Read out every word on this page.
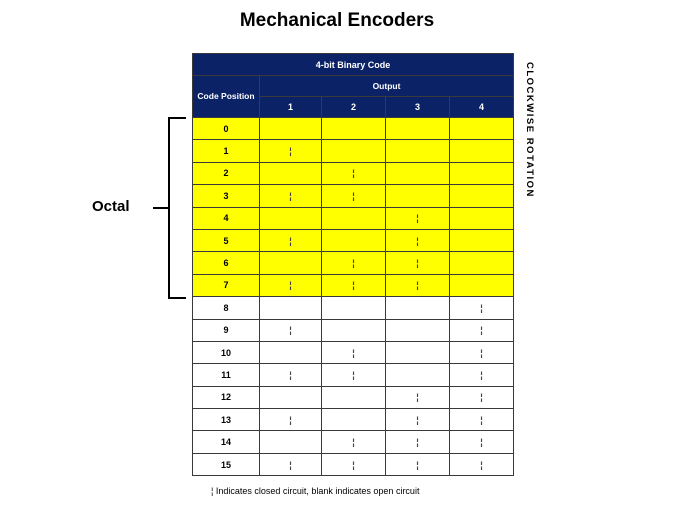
Mechanical Encoders
4-bit Binary Code				
Code Position	Output			
	1	2	3	4
0				
1	¦			
2		¦		
3	¦	¦		
4			¦	
5	¦		¦	
6		¦	¦	
7	¦	¦	¦	
8				¦
9	¦			¦
10		¦		¦
11	¦	¦		¦
12			¦	¦
13	¦		¦	¦
14		¦	¦	¦
15	¦	¦	¦	¦
CLOCKWISE ROTATION
Octal
¦ Indicates closed circuit, blank indicates open circuit
